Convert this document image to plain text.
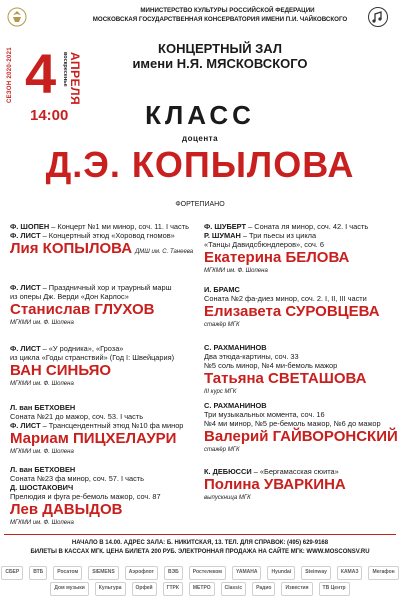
СЕЗОН 2020-2021
МИНИСТЕРСТВО КУЛЬТУРЫ РОССИЙСКОЙ ФЕДЕРАЦИИ
МОСКОВСКАЯ ГОСУДАРСТВЕННАЯ КОНСЕРВАТОРИЯ ИМЕНИ П.И. ЧАЙКОВСКОГО
КОНЦЕРТНЫЙ ЗАЛ
имени Н.Я. МЯСКОВСКОГО
4 АПРЕЛЯ
воскресенье
14:00	КЛАСС
доцента
Д.Э. КОПЫЛОВА
ФОРТЕПИАНО
Ф. ШОПЕН – Концерт №1 ми минор, соч. 11. I часть
Ф. ЛИСТ – Концертный этюд «Хоровод гномов»
Лия КОПЫЛОВА ДМШ им. С. Танеева
Ф. ЛИСТ – Праздничный хор и траурный марш
из оперы Дж. Верди «Дон Карлос»
Станислав ГЛУХОВ
МГКМИ им. Ф. Шопена
Ф. ЛИСТ – «У родника», «Гроза»
из цикла «Годы странствий» (Год I: Швейцария)
ВАН СИНЬЯО
МГКМИ им. Ф. Шопена
Л. ван БЕТХОВЕН
Соната №21 до мажор, соч. 53. I часть
Ф. ЛИСТ – Трансцендентный этюд №10 фа минор
Мариам ПИЦХЕЛАУРИ
МГКМИ им. Ф. Шопена
Л. ван БЕТХОВЕН
Соната №23 фа минор, соч. 57. I часть
Д. ШОСТАКОВИЧ
Прелюдия и фуга ре-бемоль мажор, соч. 87
Лев ДАВЫДОВ
МГКМИ им. Ф. Шопена
Ф. ШУБЕРТ – Соната ля минор, соч. 42. I часть
Р. ШУМАН – Три пьесы из цикла
«Танцы Давидсбюндлеров», соч. 6
Екатерина БЕЛОВА
МГКМИ им. Ф. Шопена
И. БРАМС
Соната №2 фа-диез минор, соч. 2. I, II, III части
Елизавета СУРОВЦЕВА
стажёр МГК
С. РАХМАНИНОВ
Два этюда-картины, соч. 33
№5 соль минор, №4 ми-бемоль мажор
Татьяна СВЕТАШОВА
III курс МГК
С. РАХМАНИНОВ
Три музыкальных момента, соч. 16
№4 ми минор, №5 ре-бемоль мажор, №6 до мажор
Валерий ГАЙВОРОНСКИЙ
стажёр МГК
К. ДЕБЮССИ – «Бергамасская сюита»
Полина УВАРКИНА
выпускница МГК
НАЧАЛО В 14.00. АДРЕС ЗАЛА: Б. НИКИТСКАЯ, 13. ТЕЛ. ДЛЯ СПРАВОК: (495) 629-9168
БИЛЕТЫ В КАССАХ МГК. ЦЕНА БИЛЕТА 200 РУБ. ЭЛЕКТРОННАЯ ПРОДАЖА НА САЙТЕ МГК: WWW.MOSCONSV.RU
СБЕР	ВТБ	Росатом	SIEMENS	Аэрофлот	ВЭБ	Ростелеком	YAMAHA	Hyundai	Steinway	КАМАЗ	Мегафон
Дом музыки	Культура	Орфей	ГТРК	МЕТРО	Classic	Радио	Известия	ТВ Центр
